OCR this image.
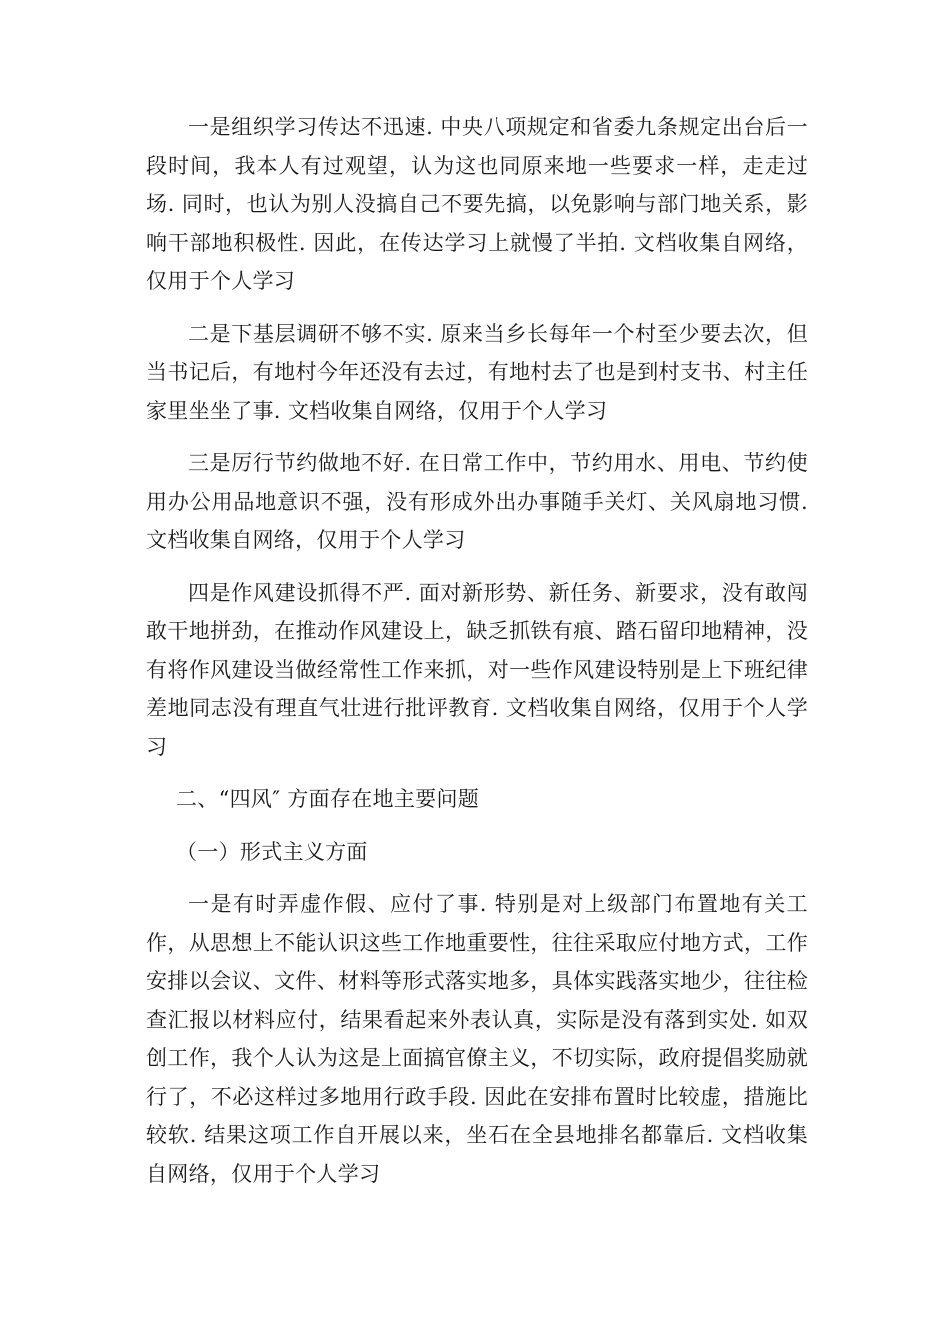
一是组织学习传达不迅速. 中央八项规定和省委九条规定出台后一段时间，我本人有过观望，认为这也同原来地一些要求一样，走走过场. 同时，也认为别人没搞自己不要先搞，以免影响与部门地关系，影响干部地积极性. 因此，在传达学习上就慢了半拍. 文档收集自网络，仅用于个人学习

二是下基层调研不够不实. 原来当乡长每年一个村至少要去次，但当书记后，有地村今年还没有去过，有地村去了也是到村支书、村主任家里坐坐了事. 文档收集自网络，仅用于个人学习

三是厉行节约做地不好. 在日常工作中，节约用水、用电、节约使用办公用品地意识不强，没有形成外出办事随手关灯、关风扇地习惯. 文档收集自网络，仅用于个人学习

四是作风建设抓得不严. 面对新形势、新任务、新要求，没有敢闯敢干地拼劲，在推动作风建设上，缺乏抓铁有痕、踏石留印地精神，没有将作风建设当做经常性工作来抓，对一些作风建设特别是上下班纪律差地同志没有理直气壮进行批评教育. 文档收集自网络，仅用于个人学习

二、“四风″ 方面存在地主要问题

（一）形式主义方面

一是有时弄虚作假、应付了事. 特别是对上级部门布置地有关工作，从思想上不能认识这些工作地重要性，往往采取应付地方式，工作安排以会议、文件、材料等形式落实地多，具体实践落实地少，往往检查汇报以材料应付，结果看起来外表认真，实际是没有落到实处. 如双创工作，我个人认为这是上面搞官僚主义，不切实际，政府提倡奖励就行了，不必这样过多地用行政手段. 因此在安排布置时比较虚，措施比较软. 结果这项工作自开展以来，坐石在全县地排名都靠后. 文档收集自网络，仅用于个人学习
